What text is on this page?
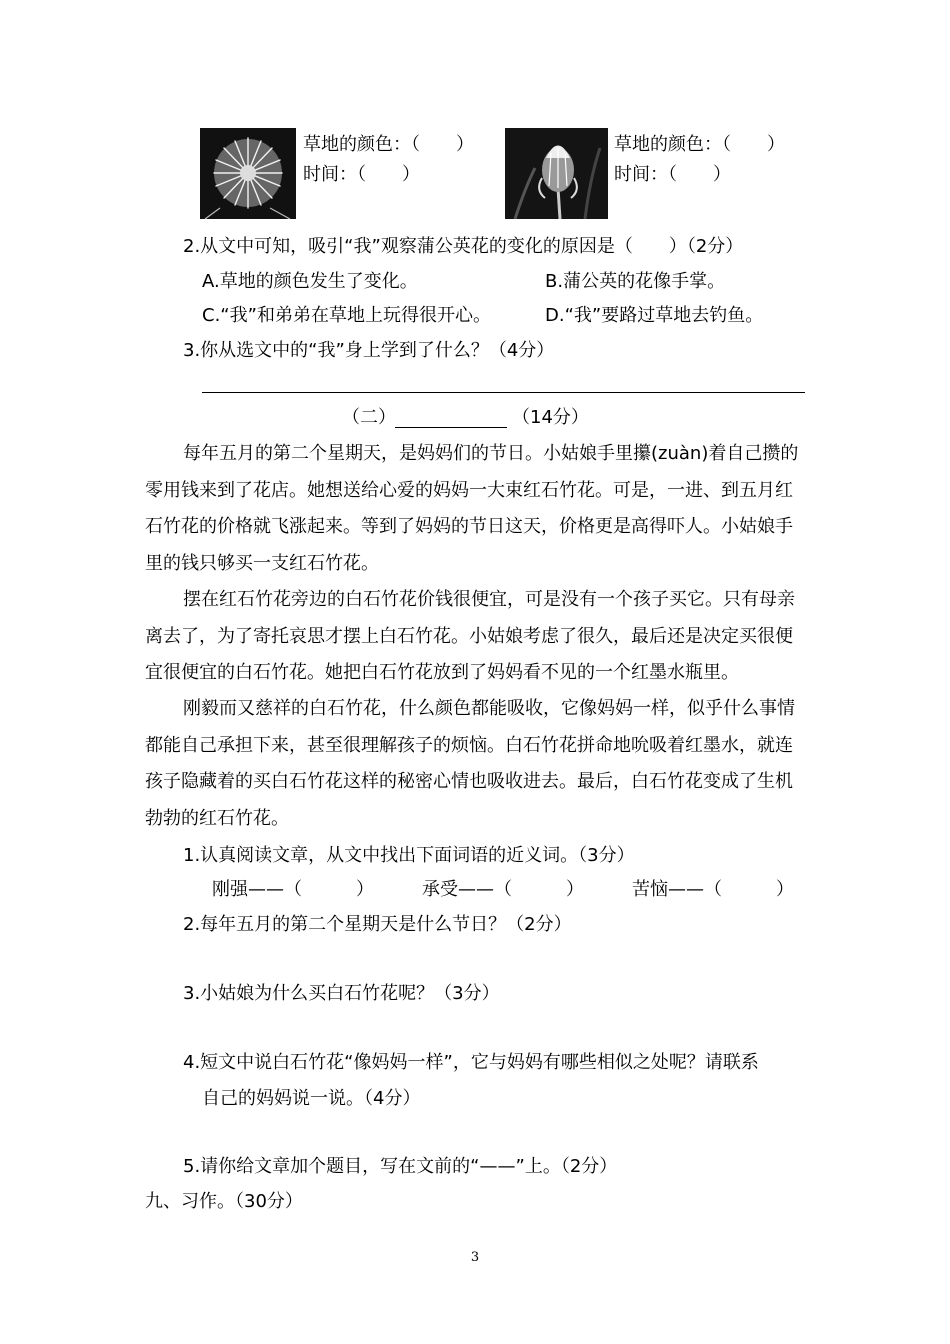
草地的颜色：（　　）
时间：（　　）
草地的颜色：（　　）
时间：（　　）
2.从文中可知，吸引“我”观察蒲公英花的变化的原因是（　　）（2分）
A.草地的颜色发生了变化。	B.蒲公英的花像手掌。
C.“我”和弟弟在草地上玩得很开心。	D.“我”要路过草地去钓鱼。
3.你从选文中的“我”身上学到了什么？（4分）
（二）	（14分）
每年五月的第二个星期天，是妈妈们的节日。小姑娘手里攥(zuàn)着自己攒的零用钱来到了花店。她想送给心爱的妈妈一大束红石竹花。可是，一进、到五月红石竹花的价格就飞涨起来。等到了妈妈的节日这天，价格更是高得吓人。小姑娘手里的钱只够买一支红石竹花。
摆在红石竹花旁边的白石竹花价钱很便宜，可是没有一个孩子买它。只有母亲离去了，为了寄托哀思才摆上白石竹花。小姑娘考虑了很久，最后还是决定买很便宜很便宜的白石竹花。她把白石竹花放到了妈妈看不见的一个红墨水瓶里。
刚毅而又慈祥的白石竹花，什么颜色都能吸收，它像妈妈一样，似乎什么事情都能自己承担下来，甚至很理解孩子的烦恼。白石竹花拼命地吮吸着红墨水，就连孩子隐藏着的买白石竹花这样的秘密心情也吸收进去。最后，白石竹花变成了生机勃勃的红石竹花。
1.认真阅读文章，从文中找出下面词语的近义词。（3分）
刚强——（　　　）	承受——（　　　）	苦恼——（　　　）
2.每年五月的第二个星期天是什么节日？（2分）
3.小姑娘为什么买白石竹花呢？（3分）
4.短文中说白石竹花“像妈妈一样”，它与妈妈有哪些相似之处呢？请联系
自己的妈妈说一说。（4分）
5.请你给文章加个题目，写在文前的“——”上。（2分）
九、习作。（30分）
3
